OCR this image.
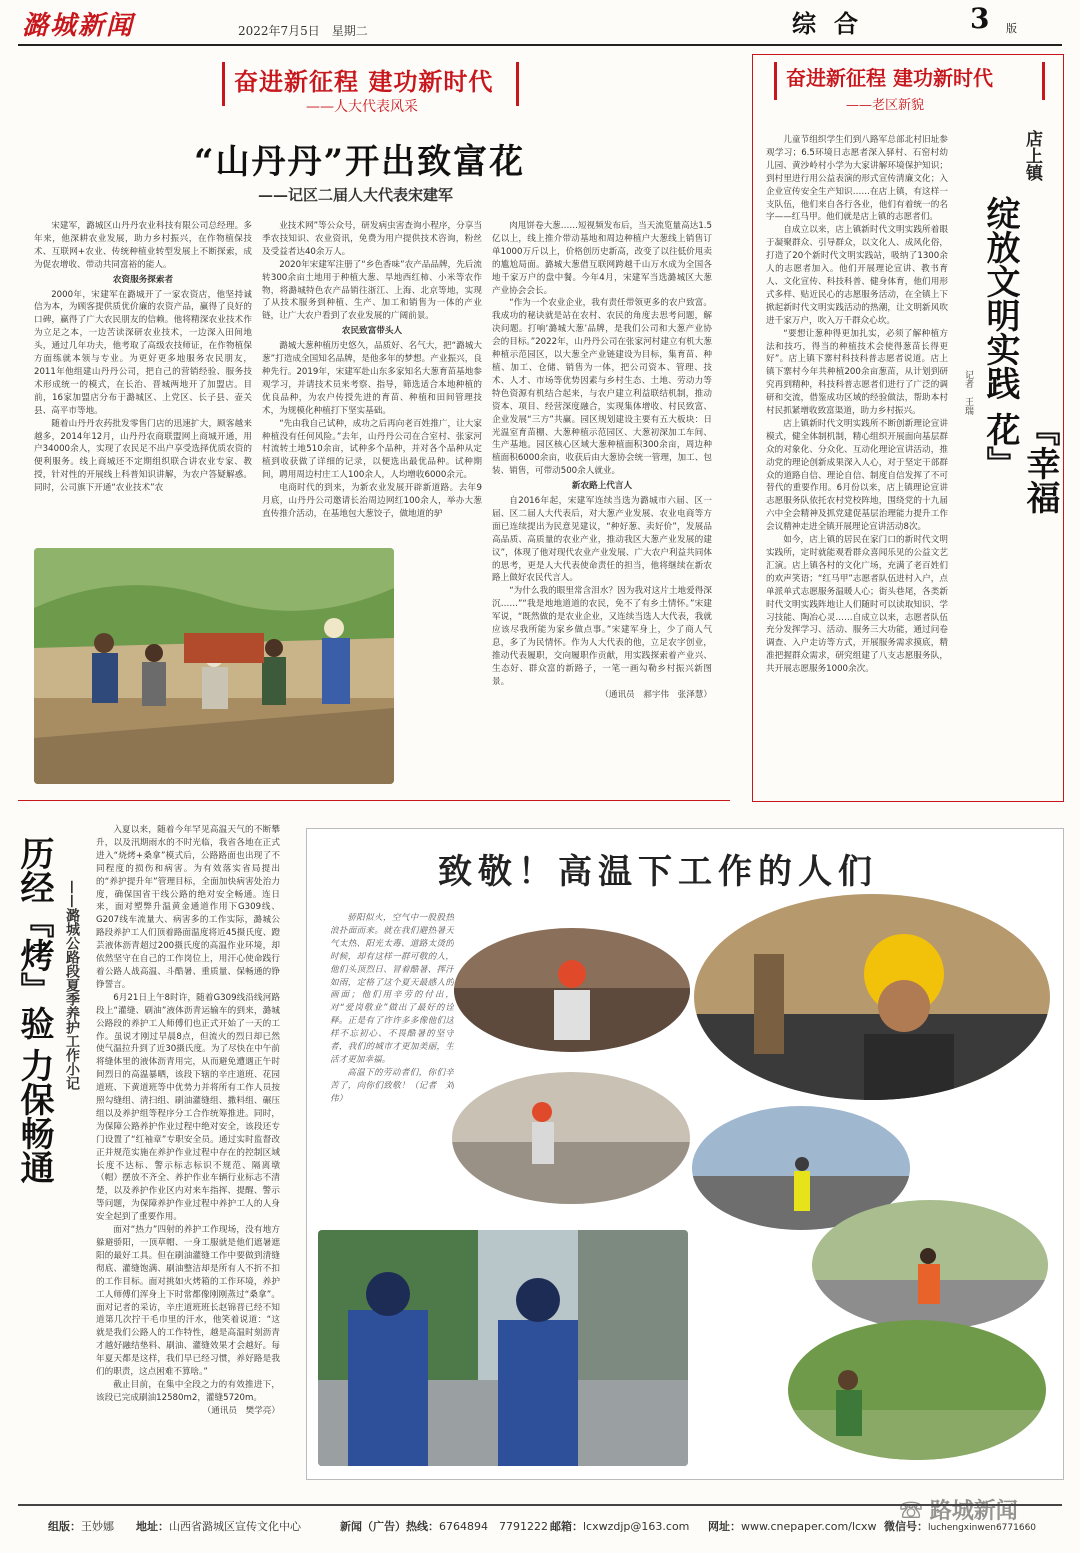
潞城新闻	2022年7月5日　星期二	综合	3 版
奋进新征程 建功新时代
——人大代表风采
“山丹丹”开出致富花
——记区二届人大代表宋建军

宋建军，潞城区山丹丹农业科技有限公司总经理。多年来，他深耕农业发展，助力乡村振兴，在作物植保技术、互联网+农业、传统种植业转型发展上不断探索，成为促农增收、带动共同富裕的能人。

农资服务探索者

2000年，宋建军在潞城开了一家农资店，他坚持诚信为本，为顾客提供质优价廉的农资产品，赢得了良好的口碑，赢得了广大农民朋友的信赖。他将精深农业技术作为立足之本，一边苦读深研农业技术，一边深入田间地头，通过几年功夫，他考取了高级农技师证，在作物植保方面练就本领与专业。为更好更多地服务农民朋友，2011年他组建山丹丹公司，把自己的营销经验、服务技术形成统一的模式，在长治、晋城两地开了加盟店。目前，16家加盟店分布于潞城区、上党区、长子县、壶关县、高平市等地。

随着山丹丹农药批发零售门店的迅速扩大，顾客越来越多，2014年12月，山丹丹农商联盟网上商城开通，用户34000余人，实现了农民足不出户享受选择优质农资的便利服务。线上商城还不定期组织联合讲农业专家、教授，针对性的开展线上科普知识讲解，为农户答疑解惑。同时，公司旗下开通“农业技术”农

业技术网”等公众号，研发病虫害查询小程序，分享当季农技知识、农业资讯，免费为用户提供技术咨询，粉丝及受益者达40余万人。

2020年宋建军注册了“乡色香味”农产品品牌，先后流转300余亩土地用于种植大葱、旱地西红柿、小米等农作物，将潞城特色农产品销往浙江、上海、北京等地，实现了从技术服务到种植、生产、加工和销售为一体的产业链，让广大农户看到了农业发展的广阔前景。

农民致富带头人

潞城大葱种植历史悠久，品质好、名气大，把“潞城大葱”打造成全国知名品牌，是他多年的梦想。产业振兴，良种先行。2019年，宋建军赴山东多家知名大葱育苗基地参观学习，并请技术员来考察、指导，筛选适合本地种植的优良品种，为农户传授先进的育苗、种植和田间管理技术，为规模化种植打下坚实基础。

“先由我自己试种，成功之后再向老百姓推广，让大家种植没有任何风险。”去年，山丹丹公司在合室村、张家河村流转土地510余亩，试种多个品种，并对各个品种从定植到收获做了详细的记录，以便选出最优品种。试种期间，聘用周边村庄工人100余人，人均增收6000余元。

电商时代的到来，为新农业发展开辟新道路。去年9月底，山丹丹公司邀请长治周边网红100余人，举办大葱直传推介活动，在基地包大葱饺子，做地道的驴

肉甩饼卷大葱……短视频发布后，当天流览量高达1.5亿以上，线上推介带动基地和周边种植户大葱线上销售订单1000万斤以上，价格创历史新高，改变了以往低价甩卖的尴尬局面。潞城大葱借互联网跨越千山万水成为全国各地千家万户的盘中餐。今年4月，宋建军当选潞城区大葱产业协会会长。

“作为一个农业企业，我有责任带领更多的农户致富。我成功的秘诀就是站在农村、农民的角度去思考问题，解决问题。打响‘潞城大葱’品牌，是我们公司和大葱产业协会的目标。”2022年，山丹丹公司在张家河村建立有机大葱种植示范园区，以大葱全产业链建设为目标，集育苗、种植、加工、仓储、销售为一体，把公司资本、管理、技术、人才、市场等优势因素与乡村生态、土地、劳动力等特色资源有机结合起来，与农户建立利益联结机制，推动资本、项目、经营深度融合，实现集体增收、村民致富、企业发展“三方”共赢。园区规划建设主要有五大板块：日光温室育苗棚、大葱种植示范园区、大葱初深加工车间、生产基地。园区核心区域大葱种植面积300余亩，周边种植面积6000余亩，收获后由大葱协会统一管理，加工、包装、销售，可带动500余人就业。

新农路上代言人

自2016年起，宋建军连续当选为潞城市六届、区一届、区二届人大代表后，对大葱产业发展、农业电商等方面已连续提出为民意见建议，“种好葱、卖好价”，发展品高品质、高质量的农业产业，推动我区大葱产业发展的建议”，体现了他对现代农业产业发展、广大农户利益共同体的思考，更是人大代表使命责任的担当，他将继续在新农路上做好农民代言人。

“为什么我的眼里常含泪水？因为我对这片土地爱得深沉……”“我是地地道道的农民，免不了有乡土情怀。”宋建军说，“既然做的是农业企业，又连续当选人大代表，我就应该尽我所能为家乡做点事。”宋建军身上，少了商人气息，多了为民情怀。作为人大代表的他，立足农字创业，推动代表履职，交向履职作贡献，用实践探索着产业兴、生态好、群众富的新路子，一笔一画勾勒乡村振兴新图景。

（通讯员　郝宇伟　张泽慧）

奋进新征程 建功新时代
——老区新貌
店上镇
绽放文明实践
『幸福花』
记者　王瑞

儿童节组织学生们到八路军总部北村旧址参观学习；6.5环境日志愿者深入驿村、石窑村幼儿园、黄沙岭村小学为大家讲解环境保护知识；到村里进行用公益表演的形式宣传清廉文化；入企业宣传安全生产知识……在店上镇，有这样一支队伍，他们来自各行各业，他们有着统一的名字——红马甲。他们就是店上镇的志愿者们。

自成立以来，店上镇新时代文明实践所着眼于凝聚群众、引导群众，以文化人、成风化俗，打造了20个新时代文明实践站，吸纳了1300余人的志愿者加入。他们开展理论宣讲、教书育人、文化宣传、科技科普、健身体育，他们用形式多样、贴近民心的志愿服务活动，在全镇上下掀起新时代文明实践活动的热潮，让文明新风吹进千家万户，吹入万千群众心坎。

“要想让葱种得更加扎实，必须了解种植方法和技巧，得当的种植技术会使得葱苗长得更好”。店上镇下寨村科技科普志愿者说道。店上镇下寨村今年共种植200余亩葱苗，从计划到研究再到精种，科技科普志愿者们进行了广泛的调研和交流，借鉴成功区域的经验做法，帮助本村村民抓紧增收致富渠道，助力乡村振兴。

店上镇新时代文明实践所不断创新理论宣讲模式，健全体制机制，精心组织开展面向基层群众的对象化、分众化、互动化理论宣讲活动，推动党的理论创新成果深入人心，对于坚定干部群众的道路自信、理论自信、制度自信发挥了不可替代的重要作用。6月份以来，店上镇理论宣讲志愿服务队依托农村党校阵地，围绕党的十九届六中全会精神及抓党建促基层治理能力提升工作会议精神走进全镇开展理论宣讲活动8次。

如今，店上镇的居民在家门口的新时代文明实践所，定时就能观看群众喜闻乐见的公益文艺汇演。店上镇各村的文化广场，充满了老百姓们的欢声笑语；“红马甲”志愿者队伍进村入户，点单派单式志愿服务温暖人心；街头巷尾，各类新时代文明实践阵地让人们随时可以读取知识、学习技能、陶冶心灵……自成立以来，志愿者队伍充分发挥学习、活动、服务三大功能，通过问卷调查、入户走访等方式，开展服务需求摸底，精准把握群众需求，研究组建了八支志愿服务队，共开展志愿服务1000余次。

历经『烤』验
力保畅通
——潞城公路段夏季养护工作小记

入夏以来，随着今年罕见高温天气的不断攀升，以及汛期雨水的不时光临，我省各地在正式进入“烧烤+桑拿”模式后，公路路面也出现了不同程度的损伤和病害。为有效落实省局提出的“养护提升年”管理目标，全面加快病害处治力度，确保国省干线公路的绝对安全畅通。连日来，面对塑弊升温黄金通道作用下G309线、G207线车流量大、病害多的工作实际，潞城公路段养护工人们顶着路面温度将近45摄氏度、蹬芸液体沥青超过200摄氏度的高温作业环境，却依然坚守在自己的工作岗位上，用汗心使命践行着公路人战高温、斗酷暑、重质量、保畅通的铮铮誓言。

6月21日上午8时许，随着G309线沿线河路段上“灌缝、刷油”液体沥青运输车的到来，潞城公路段的养护工人师傅们也正式开始了一天的工作。虽说才刚过早晨8点，但流火的烈日却已然使气温拉升到了近30摄氏度。为了尽快在中午前将缝体里的液体沥青用完，从而避免遭遇正午时间烈日的高温暴晒，该段下辖的辛庄道班、花园道班、下黄道班等中优势力并将所有工作人员按照勾缝组、清扫组、刷油灌缝组、撒料组、碾压组以及养护组等程序分工合作统筹推进。同时，为保障公路养护作业过程中绝对安全，该段还专门设置了“红袖章”专职安全员。通过实时监督改正并规范实施在养护作业过程中存在的控制区域长度不达标、警示标志标识不规范、隔离墩（帽）摆放不齐全、养护作业车辆行业标志不清楚，以及养护作业区内对来车指挥、提醒、警示等问题，为保障养护作业过程中养护工人的人身安全起到了重要作用。

面对“热力”四射的养护工作现场，没有地方躲避骄阳，一顶草帽、一身工服就是他们遮暑遮阳的最好工具。但在刷油灌缝工作中要做到清缝彻底、灌缝饱满、刷油整洁却是所有人不折不扣的工作目标。面对挑如火烤箱的工作环境，养护工人师傅们浑身上下时常都像刚刚蒸过“桑拿”。面对记者的采访，辛庄道班班长赵锦晋已经不知道第几次拧干毛巾里的汗水，他笑着说道：“这就是我们公路人的工作特性，越是高温时刻沥青才越好融结垫料、刷油、灌缝效果才会越好。每年夏天都是这样，我们早已经习惯，养好路是我们的职责，这点困难不算啥。”

截止目前，在集中全段之力的有效推进下，该段已完成刷油12580m2，灌缝5720m。

（通讯员　樊学亮）

致敬！高温下工作的人们

骄阳似火，空气中一股股热浪扑面而来。就在我们避热暑天气太热、阳光太毒、道路太烫的时候，却有这样一群可敬的人，他们头顶烈日、冒着酷暑、挥汗如雨，定格了这个夏天最感人的画面；他们用辛劳的付出，对“爱岗敬业”做出了最好的诠释。正是有了许许多多像他们这样不忘初心、不畏酷暑的坚守者，我们的城市才更加美丽，生活才更加幸福。

高温下的劳动者们，你们辛苦了，向你们致敬！（记者　刘伟）

组版：王妙娜 地址：山西省潞城区宣传文化中心	新闻（广告）热线：6764894　7791222 邮箱：lcxwzdjp@163.com 网址：www.cnepaper.com/lcxw 微信号：luchengxinwen6771660
☏ 路城新闻
